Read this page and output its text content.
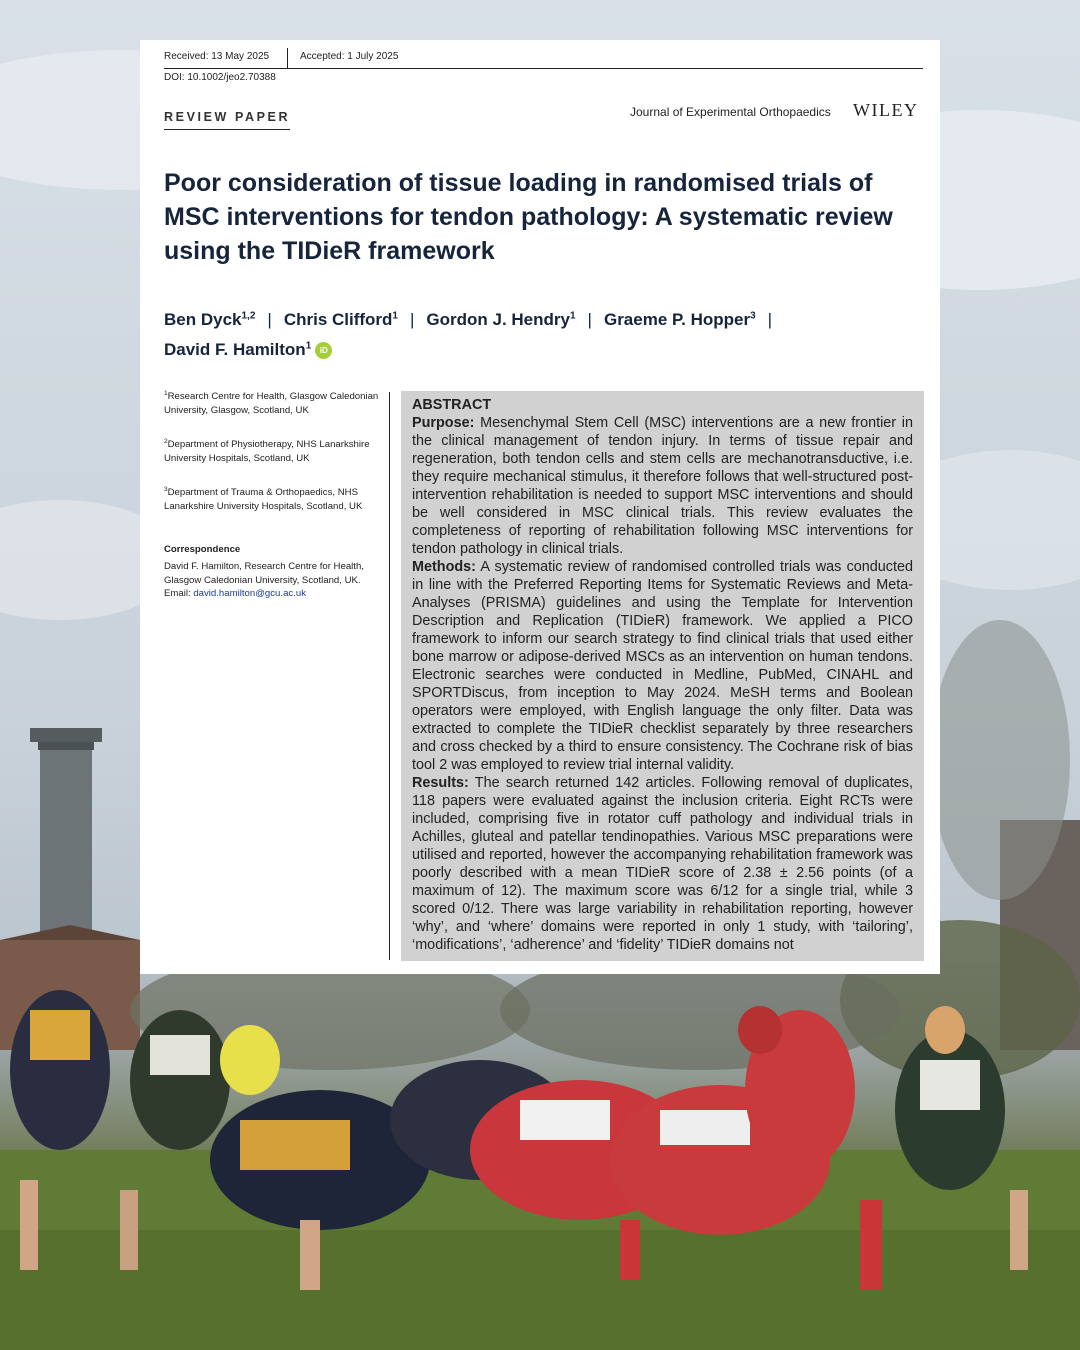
Received: 13 May 2025	Accepted: 1 July 2025
DOI: 10.1002/jeo2.70388
REVIEW PAPER	Journal of Experimental Orthopaedics WILEY
Poor consideration of tissue loading in randomised trials of MSC interventions for tendon pathology: A systematic review using the TIDieR framework
Ben Dyck$^{1,2}$ | Chris Clifford$^1$ | Gordon J. Hendry$^1$ | Graeme P. Hopper$^3$ |
David F. Hamilton$^1$ iD
$^1$Research Centre for Health, Glasgow Caledonian University, Glasgow, Scotland, UK
$^2$Department of Physiotherapy, NHS Lanarkshire University Hospitals, Scotland, UK
$^3$Department of Trauma & Orthopaedics, NHS Lanarkshire University Hospitals, Scotland, UK
Correspondence
David F. Hamilton, Research Centre for Health, Glasgow Caledonian University, Scotland, UK.
Email: david.hamilton@gcu.ac.uk
ABSTRACT

Purpose: Mesenchymal Stem Cell (MSC) interventions are a new frontier in the clinical management of tendon injury. In terms of tissue repair and regeneration, both tendon cells and stem cells are mechanotransductive, i.e. they require mechanical stimulus, it therefore follows that well-structured post-intervention rehabilitation is needed to support MSC interventions and should be well considered in MSC clinical trials. This review evaluates the completeness of reporting of rehabilitation following MSC interventions for tendon pathology in clinical trials.

Methods: A systematic review of randomised controlled trials was conducted in line with the Preferred Reporting Items for Systematic Reviews and Meta-Analyses (PRISMA) guidelines and using the Template for Intervention Description and Replication (TIDieR) framework. We applied a PICO framework to inform our search strategy to find clinical trials that used either bone marrow or adipose-derived MSCs as an intervention on human tendons. Electronic searches were conducted in Medline, PubMed, CINAHL and SPORTDiscus, from inception to May 2024. MeSH terms and Boolean operators were employed, with English language the only filter. Data was extracted to complete the TIDieR checklist separately by three researchers and cross checked by a third to ensure consistency. The Cochrane risk of bias tool 2 was employed to review trial internal validity.

Results: The search returned 142 articles. Following removal of duplicates, 118 papers were evaluated against the inclusion criteria. Eight RCTs were included, comprising five in rotator cuff pathology and individual trials in Achilles, gluteal and patellar tendinopathies. Various MSC preparations were utilised and reported, however the accompanying rehabilitation framework was poorly described with a mean TIDieR score of 2.38 ± 2.56 points (of a maximum of 12). The maximum score was 6/12 for a single trial, while 3 scored 0/12. There was large variability in rehabilitation reporting, however ‘why’, and ‘where’ domains were reported in only 1 study, with ‘tailoring’, ‘modifications’, ‘adherence’ and ‘fidelity’ TIDieR domains not
